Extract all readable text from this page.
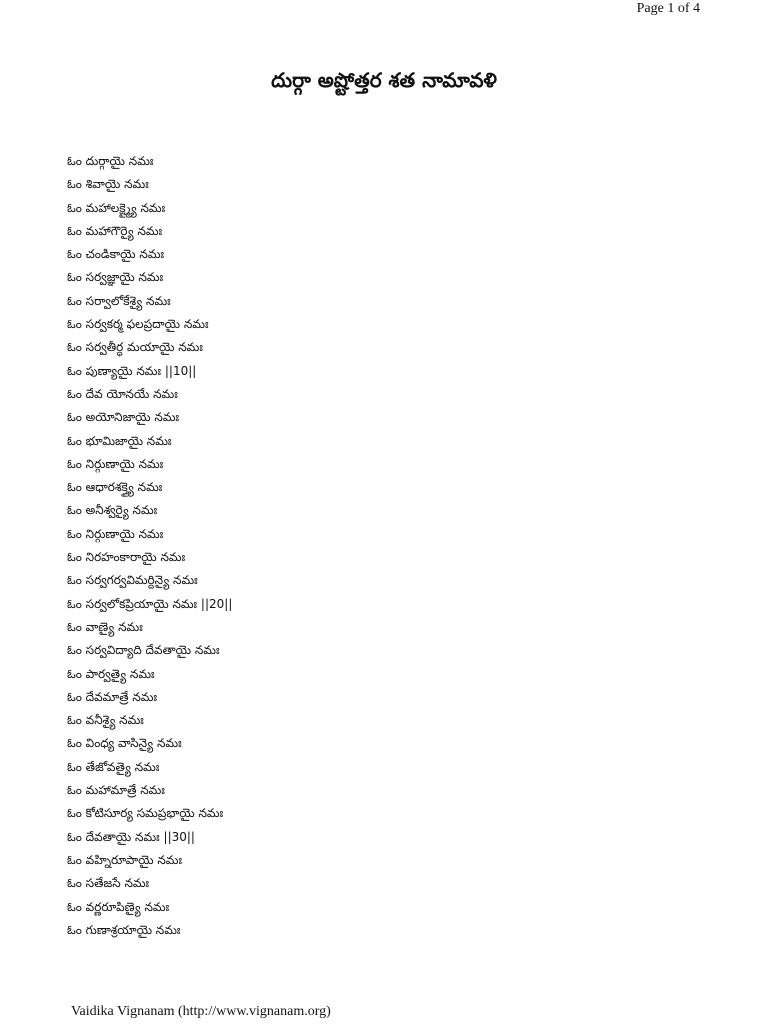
Page 1 of 4
దుర్గా అష్టోత్తర శత నామావళి
ఓం దుర్గాయై నమః
ఓం శివాయై నమః
ఓం మహాలక్ష్మ్యై నమః
ఓం మహాగౌర్యై నమః
ఓం చండికాయై నమః
ఓం సర్వజ్ఞాయై నమః
ఓం సర్వాలోకేశ్యై నమః
ఓం సర్వకర్మ ఫలప్రదాయై నమః
ఓం సర్వతీర్ధ మయాయై నమః
ఓం పుణ్యాయై నమః ||10||
ఓం దేవ యోనయే నమః
ఓం అయోనిజాయై నమః
ఓం భూమిజాయై నమః
ఓం నిర్గుణాయై నమః
ఓం ఆధారశక్త్యై నమః
ఓం అనీశ్వర్యై నమః
ఓం నిర్గుణాయై నమః
ఓం నిరహంకారాయై నమః
ఓం సర్వగర్వవిమర్దిన్యై నమః
ఓం సర్వలోకప్రియాయై నమః ||20||
ఓం వాణ్యై నమః
ఓం సర్వవిద్యాది దేవతాయై నమః
ఓం పార్వత్యై నమః
ఓం దేవమాత్రే నమః
ఓం వనీశ్యై నమః
ఓం వింధ్య వాసిన్యై నమః
ఓం తేజోవత్యై నమః
ఓం మహామాత్రే నమః
ఓం కోటిసూర్య సమప్రభాయై నమః
ఓం దేవతాయై నమః ||30||
ఓం వహ్నిరూపాయై నమః
ఓం సతేజసే నమః
ఓం వర్ణరూపిణ్యై నమః
ఓం గుణాశ్రయాయై నమః
Vaidika Vignanam (http://www.vignanam.org)
